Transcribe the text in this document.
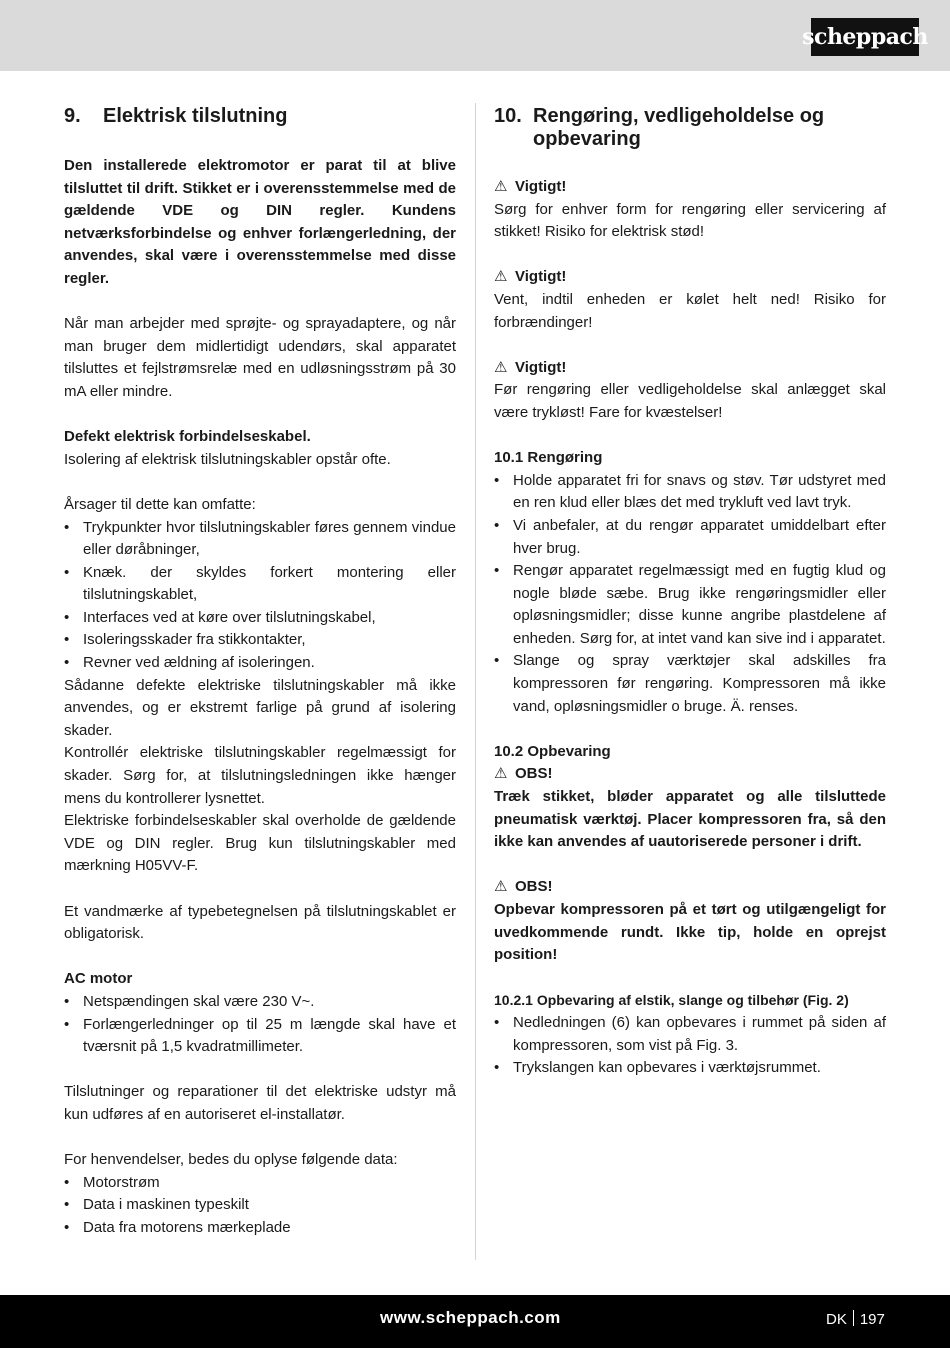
scheppach
9.	Elektrisk tilslutning

Den installerede elektromotor er parat til at blive tilsluttet til drift. Stikket er i overensstemmelse med de gældende VDE og DIN regler. Kundens netværksforbindelse og enhver forlængerledning, der anvendes, skal være i overensstemmelse med disse regler.

Når man arbejder med sprøjte- og sprayadaptere, og når man bruger dem midlertidigt udendørs, skal apparatet tilsluttes et fejlstrømsrelæ med en udløsningsstrøm på 30 mA eller mindre.

Defekt elektrisk forbindelseskabel.

Isolering af elektrisk tilslutningskabler opstår ofte.

Årsager til dette kan omfatte:

• Trykpunkter hvor tilslutningskabler føres gennem vindue eller døråbninger,
• Knæk. der skyldes forkert montering eller tilslutningskablet,
• Interfaces ved at køre over tilslutningskabel,
• Isoleringsskader fra stikkontakter,
• Revner ved ældning af isoleringen.

Sådanne defekte elektriske tilslutningskabler må ikke anvendes, og er ekstremt farlige på grund af isolering skader.

Kontrollér elektriske tilslutningskabler regelmæssigt for skader. Sørg for, at tilslutningsledningen ikke hænger mens du kontrollerer lysnettet.

Elektriske forbindelseskabler skal overholde de gældende VDE og DIN regler. Brug kun tilslutningskabler med mærkning H05VV-F.

Et vandmærke af typebetegnelsen på tilslutningskablet er obligatorisk.

AC motor

• Netspændingen skal være 230 V~.
• Forlængerledninger op til 25 m længde skal have et tværsnit på 1,5 kvadratmillimeter.

Tilslutninger og reparationer til det elektriske udstyr må kun udføres af en autoriseret el-installatør.

For henvendelser, bedes du oplyse følgende data:

• Motorstrøm
• Data i maskinen typeskilt
• Data fra motorens mærkeplade
10. Rengøring, vedligeholdelse og opbevaring
⚠ Vigtigt!

Sørg for enhver form for rengøring eller servicering af stikket! Risiko for elektrisk stød!

⚠ Vigtigt!

Vent, indtil enheden er kølet helt ned! Risiko for forbrændinger!

⚠ Vigtigt!

Før rengøring eller vedligeholdelse skal anlægget skal være trykløst! Fare for kvæstelser!

10.1 Rengøring

• Holde apparatet fri for snavs og støv. Tør udstyret med en ren klud eller blæs det med trykluft ved lavt tryk.
• Vi anbefaler, at du rengør apparatet umiddelbart efter hver brug.
• Rengør apparatet regelmæssigt med en fugtig klud og nogle bløde sæbe. Brug ikke rengøringsmidler eller opløsningsmidler; disse kunne angribe plastdelene af enheden. Sørg for, at intet vand kan sive ind i apparatet.
• Slange og spray værktøjer skal adskilles fra kompressoren før rengøring. Kompressoren må ikke vand, opløsningsmidler o bruge. Ä. renses.

10.2 Opbevaring

⚠ OBS!

Træk stikket, bløder apparatet og alle tilsluttede pneumatisk værktøj. Placer kompressoren fra, så den ikke kan anvendes af uautoriserede personer i drift.

⚠ OBS!

Opbevar kompressoren på et tørt og utilgængeligt for uvedkommende rundt. Ikke tip, holde en oprejst position!

10.2.1 Opbevaring af elstik, slange og tilbehør (Fig. 2)

• Nedledningen (6) kan opbevares i rummet på siden af kompressoren, som vist på Fig. 3.
• Trykslangen kan opbevares i værktøjsrummet.
www.scheppach.com	DK 197
